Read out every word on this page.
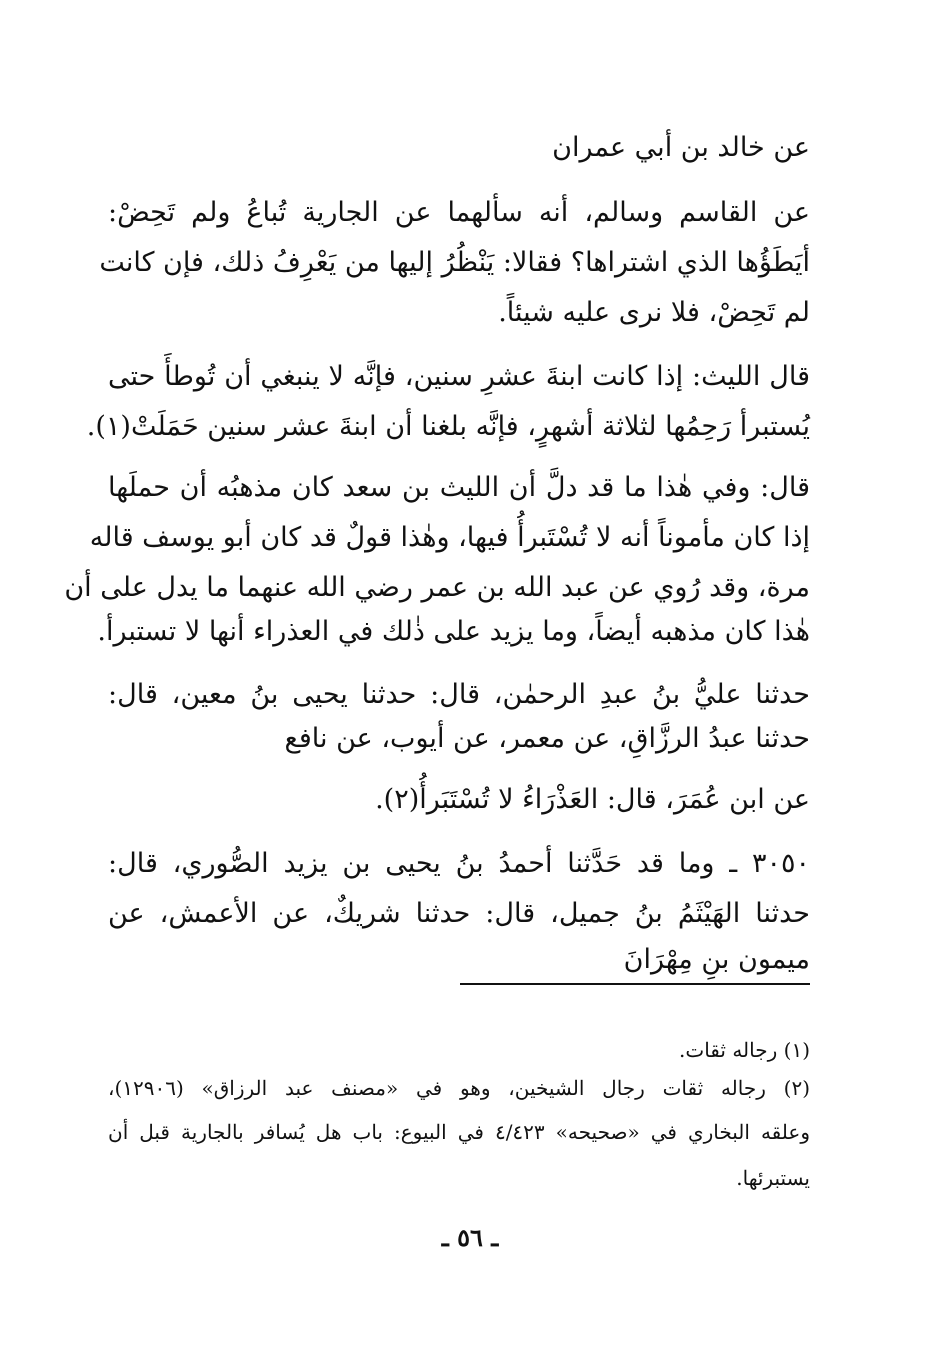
عن خالد بن أبي عمران
عن القاسم وسالم، أنه سألهما عن الجارية تُباعُ ولم تَحِضْ:
أيَطَؤُها الذي اشتراها؟ فقالا: يَنْظُرُ إليها من يَعْرِفُ ذلك، فإن كانت
لم تَحِضْ، فلا نرى عليه شيئاً.
قال الليث: إذا كانت ابنةَ عشرِ سنين، فإنَّه لا ينبغي أن تُوطأَ حتى
يُستبرأ رَحِمُها لثلاثة أشهرٍ، فإنَّه بلغنا أن ابنةَ عشر سنين حَمَلَتْ(١).
قال: وفي هٰذا ما قد دلَّ أن الليث بن سعد كان مذهبُه أن حملَها
إذا كان مأموناً أنه لا تُسْتَبرأُ فيها، وهٰذا قولٌ قد كان أبو يوسف قاله
مرة، وقد رُوي عن عبد الله بن عمر رضي الله عنهما ما يدل على أن
هٰذا كان مذهبه أيضاً، وما يزيد على ذٰلك في العذراء أنها لا تستبرأ.
حدثنا عليُّ بنُ عبدِ الرحمٰن، قال: حدثنا يحيى بنُ معين، قال:
حدثنا عبدُ الرزَّاقِ، عن معمر، عن أيوب، عن نافع
عن ابن عُمَرَ، قال: العَذْرَاءُ لا تُسْتَبَرأُ(٢).
٣٠٥٠ ـ وما قد حَدَّثنا أحمدُ بنُ يحيى بن يزيد الصُّوري، قال:
حدثنا الهَيْثَمُ بنُ جميل، قال: حدثنا شريكٌ، عن الأعمش، عن
ميمون بنِ مِهْرَانَ
(١) رجاله ثقات.
(٢) رجاله ثقات رجال الشيخين، وهو في «مصنف عبد الرزاق» (١٢٩٠٦)،
وعلقه البخاري في «صحيحه» ٤/٤٢٣ في البيوع: باب هل يُسافر بالجارية قبل أن
يستبرئها.
ـ ٥٦ ـ
